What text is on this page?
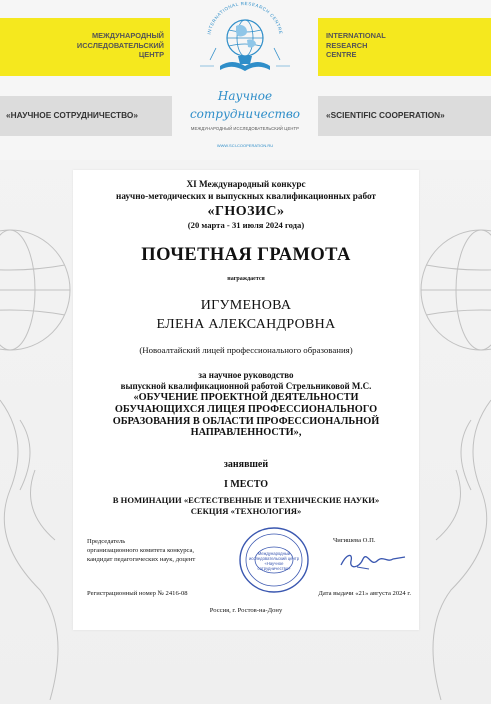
МЕЖДУНАРОДНЫЙ
ИССЛЕДОВАТЕЛЬСКИЙ
ЦЕНТР
INTERNATIONAL
RESEARCH
CENTRE
«НАУЧНОЕ СОТРУДНИЧЕСТВО»	«SCIENTIFIC COOPERATION»
INTERNATIONAL RESEARCH CENTRE
Научное
сотрудничество
МЕЖДУНАРОДНЫЙ ИССЛЕДОВАТЕЛЬСКИЙ ЦЕНТР
WWW.SCI-COOPERATION.RU
XI Международный конкурс
научно-методических и выпускных квалификационных работ
«ГНОЗИС»
(20 марта - 31 июля 2024 года)
ПОЧЕТНАЯ ГРАМОТА
награждается
ИГУМЕНОВА
ЕЛЕНА АЛЕКСАНДРОВНА
(Новоалтайский лицей профессионального образования)
за научное руководство
выпускной квалификационной работой Стрельниковой М.С.
«ОБУЧЕНИЕ ПРОЕКТНОЙ ДЕЯТЕЛЬНОСТИ ОБУЧАЮЩИХСЯ ЛИЦЕЯ ПРОФЕССИОНАЛЬНОГО ОБРАЗОВАНИЯ В ОБЛАСТИ ПРОФЕССИОНАЛЬНОЙ НАПРАВЛЕННОСТИ»,
занявшей
I МЕСТО
В НОМИНАЦИИ «ЕСТЕСТВЕННЫЕ И ТЕХНИЧЕСКИЕ НАУКИ»
СЕКЦИЯ «ТЕХНОЛОГИЯ»
Председатель
организационного комитета конкурса,
кандидат педагогических наук, доцент
Международный
исследовательский центр
«Научное
сотрудничество»
Чигишева О.П.
Регистрационный номер № 2416-08	Дата выдачи «21» августа 2024 г.
Россия, г. Ростов-на-Дону
